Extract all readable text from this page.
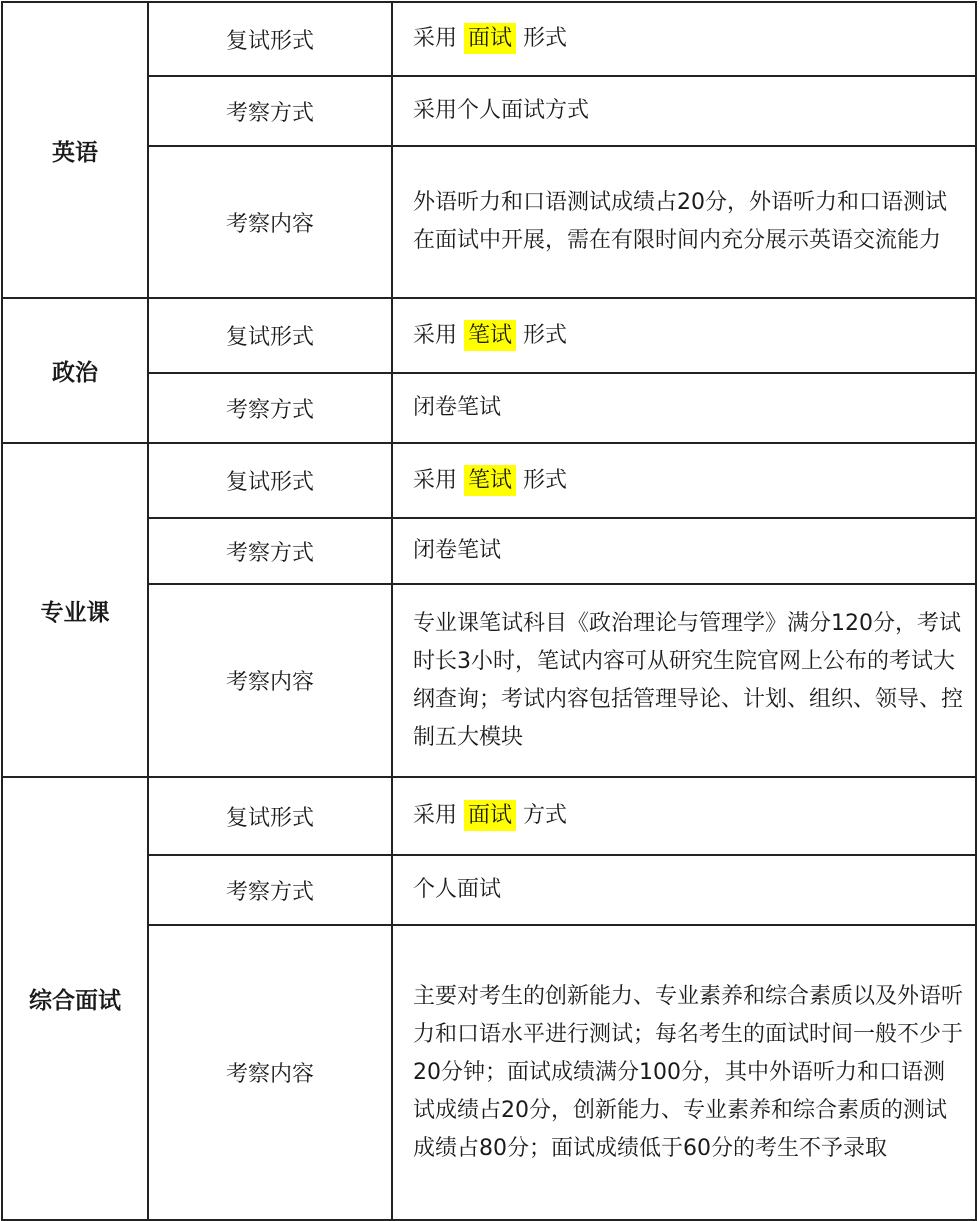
英语	复试形式	采用 面试 形式
	考察方式	采用个人面试方式
	考察内容	外语听力和口语测试成绩占20分，外语听力和口语测试在面试中开展，需在有限时间内充分展示英语交流能力
政治	复试形式	采用 笔试 形式
	考察方式	闭卷笔试
专业课	复试形式	采用 笔试 形式
	考察方式	闭卷笔试
	考察内容	专业课笔试科目《政治理论与管理学》满分120分，考试时长3小时，笔试内容可从研究生院官网上公布的考试大纲查询；考试内容包括管理导论、计划、组织、领导、控制五大模块
综合面试	复试形式	采用 面试 方式
	考察方式	个人面试
	考察内容	主要对考生的创新能力、专业素养和综合素质以及外语听力和口语水平进行测试；每名考生的面试时间一般不少于20分钟；面试成绩满分100分，其中外语听力和口语测试成绩占20分，创新能力、专业素养和综合素质的测试成绩占80分；面试成绩低于60分的考生不予录取
